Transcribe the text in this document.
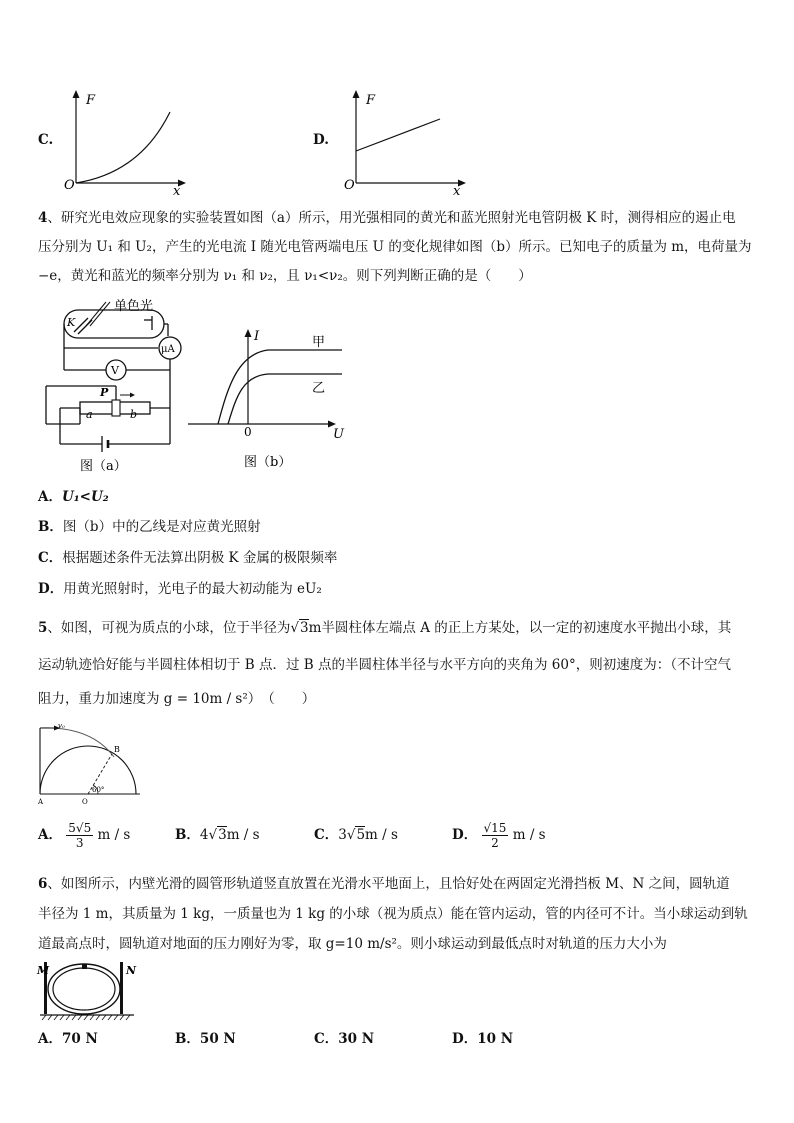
C.
F
x
O
D.
F
x
O
4、研究光电效应现象的实验装置如图（a）所示，用光强相同的黄光和蓝光照射光电管阴极 K 时，测得相应的遏止电
压分别为 U₁ 和 U₂，产生的光电流 I 随光电管两端电压 U 的变化规律如图（b）所示。已知电子的质量为 m，电荷量为
−e，黄光和蓝光的频率分别为 ν₁ 和 ν₂，且 ν₁<ν₂。则下列判断正确的是（　　）
K
单色光
μA
V
P
a	b
图（a）
I
U
0
甲
乙
图（b）
A．U₁<U₂
B．图（b）中的乙线是对应黄光照射
C．根据题述条件无法算出阴极 K 金属的极限频率
D．用黄光照射时，光电子的最大初动能为 eU₂
5、如图，可视为质点的小球，位于半径为√3m半圆柱体左端点 A 的正上方某处，以一定的初速度水平抛出小球，其
运动轨迹恰好能与半圆柱体相切于 B 点．过 B 点的半圆柱体半径与水平方向的夹角为 60°，则初速度为：（不计空气
阻力，重力加速度为 g = 10m / s²）　（　　）
v₀
B
A	O
60°
A． $\frac{5√5}{3}$ m / s	B．4√3m / s	C．3√5m / s	D． $\frac{√15}{2}$ m / s
6、如图所示，内壁光滑的圆管形轨道竖直放置在光滑水平地面上，且恰好处在两固定光滑挡板 M、N 之间，圆轨道
半径为 1 m，其质量为 1 kg，一质量也为 1 kg 的小球（视为质点）能在管内运动，管的内径可不计。当小球运动到轨
道最高点时，圆轨道对地面的压力刚好为零，取 g=10 m/s²。则小球运动到最低点时对轨道的压力大小为
M	N
A．70 N	B．50 N	C．30 N	D．10 N
